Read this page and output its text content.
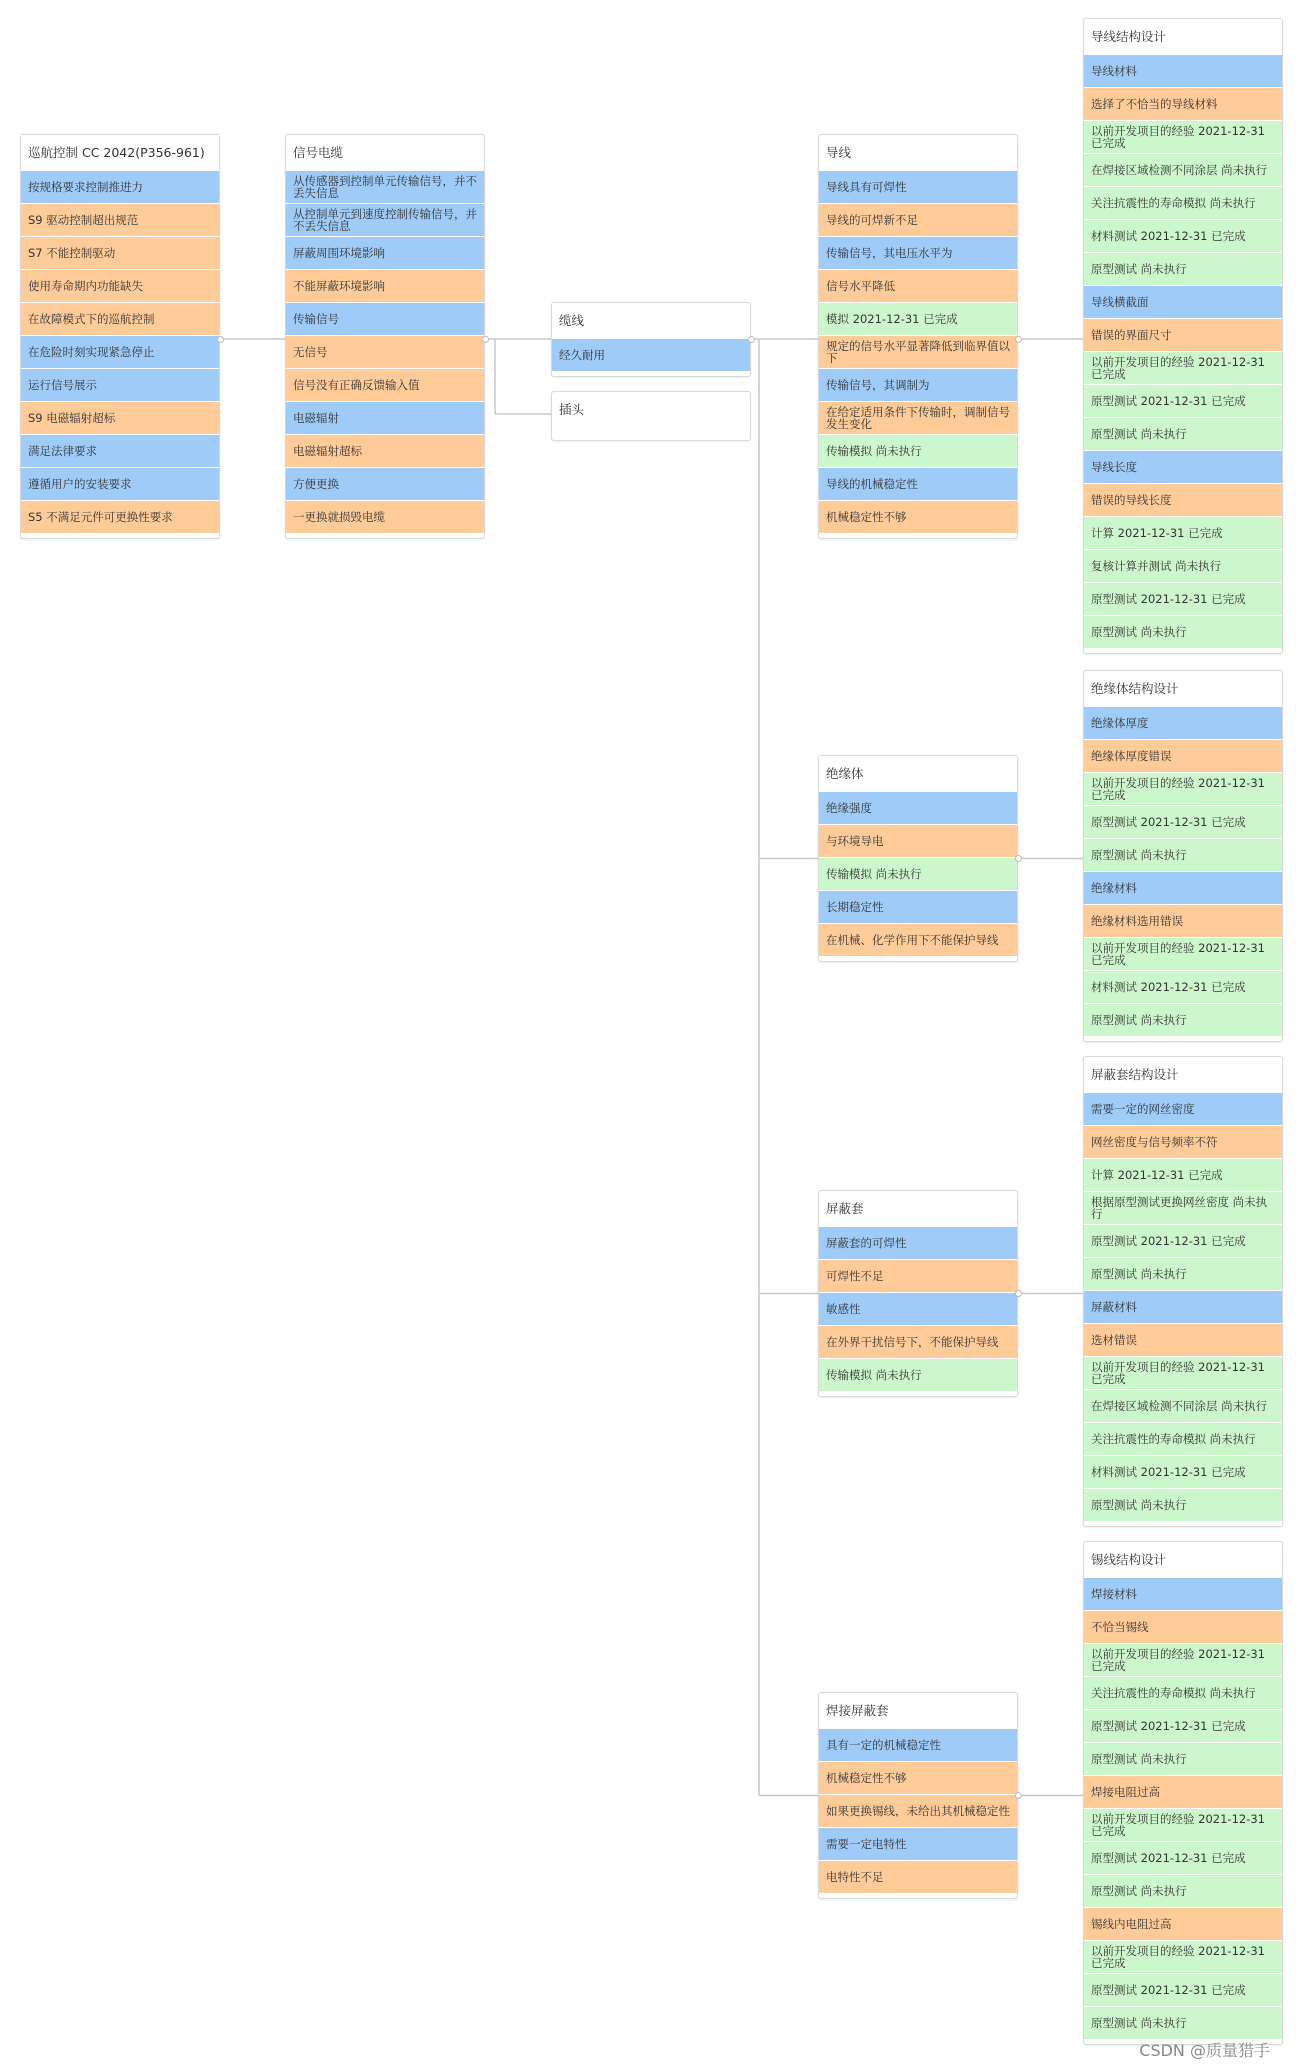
巡航控制 CC 2042(P356-961)
按规格要求控制推进力
S9 驱动控制超出规范
S7 不能控制驱动
使用寿命期内功能缺失
在故障模式下的巡航控制
在危险时刻实现紧急停止
运行信号展示
S9 电磁辐射超标
满足法律要求
遵循用户的安装要求
S5 不满足元件可更换性要求
信号电缆
从传感器到控制单元传输信号，并不丢失信息
从控制单元到速度控制传输信号，并不丢失信息
屏蔽周围环境影响
不能屏蔽环境影响
传输信号
无信号
信号没有正确反馈输入值
电磁辐射
电磁辐射超标
方便更换
一更换就损毁电缆
缆线
经久耐用
插头
导线
导线具有可焊性
导线的可焊新不足
传输信号，其电压水平为
信号水平降低
模拟 2021-12-31 已完成
规定的信号水平显著降低到临界值以下
传输信号，其调制为
在给定适用条件下传输时，调制信号发生变化
传输模拟 尚未执行
导线的机械稳定性
机械稳定性不够
绝缘体
绝缘强度
与环境导电
传输模拟 尚未执行
长期稳定性
在机械、化学作用下不能保护导线
屏蔽套
屏蔽套的可焊性
可焊性不足
敏感性
在外界干扰信号下，不能保护导线
传输模拟 尚未执行
焊接屏蔽套
具有一定的机械稳定性
机械稳定性不够
如果更换锡线，未给出其机械稳定性
需要一定电特性
电特性不足
导线结构设计
导线材料
选择了不恰当的导线材料
以前开发项目的经验 2021-12-31 已完成
在焊接区域检测不同涂层 尚未执行
关注抗震性的寿命模拟 尚未执行
材料测试 2021-12-31 已完成
原型测试 尚未执行
导线横截面
错误的界面尺寸
以前开发项目的经验 2021-12-31 已完成
原型测试 2021-12-31 已完成
原型测试 尚未执行
导线长度
错误的导线长度
计算 2021-12-31 已完成
复核计算并测试 尚未执行
原型测试 2021-12-31 已完成
原型测试 尚未执行
绝缘体结构设计
绝缘体厚度
绝缘体厚度错误
以前开发项目的经验 2021-12-31 已完成
原型测试 2021-12-31 已完成
原型测试 尚未执行
绝缘材料
绝缘材料选用错误
以前开发项目的经验 2021-12-31 已完成
材料测试 2021-12-31 已完成
原型测试 尚未执行
屏蔽套结构设计
需要一定的网丝密度
网丝密度与信号频率不符
计算 2021-12-31 已完成
根据原型测试更换网丝密度 尚未执行
原型测试 2021-12-31 已完成
原型测试 尚未执行
屏蔽材料
选材错误
以前开发项目的经验 2021-12-31 已完成
在焊接区域检测不同涂层 尚未执行
关注抗震性的寿命模拟 尚未执行
材料测试 2021-12-31 已完成
原型测试 尚未执行
锡线结构设计
焊接材料
不恰当锡线
以前开发项目的经验 2021-12-31 已完成
关注抗震性的寿命模拟 尚未执行
原型测试 2021-12-31 已完成
原型测试 尚未执行
焊接电阻过高
以前开发项目的经验 2021-12-31 已完成
原型测试 2021-12-31 已完成
原型测试 尚未执行
锡线内电阻过高
以前开发项目的经验 2021-12-31 已完成
原型测试 2021-12-31 已完成
原型测试 尚未执行
CSDN @质量猎手
